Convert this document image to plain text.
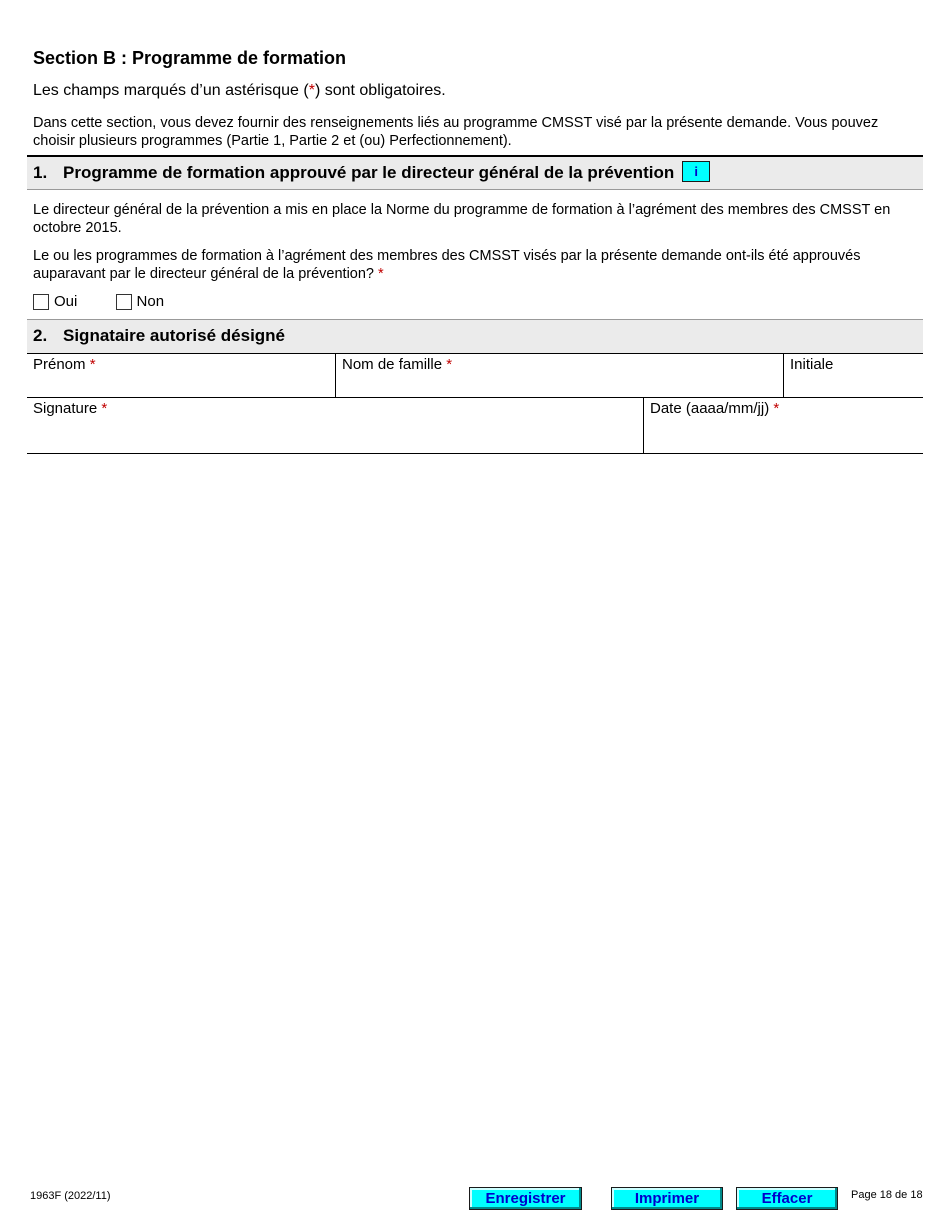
Section B : Programme de formation
Les champs marqués d’un astérisque (*) sont obligatoires.
Dans cette section, vous devez fournir des renseignements liés au programme CMSST visé par la présente demande. Vous pouvez choisir plusieurs programmes (Partie 1, Partie 2 et (ou) Perfectionnement).
1. Programme de formation approuvé par le directeur général de la prévention i
Le directeur général de la prévention a mis en place la Norme du programme de formation à l’agrément des membres des CMSST en octobre 2015.
Le ou les programmes de formation à l’agrément des membres des CMSST visés par la présente demande ont-ils été approuvés auparavant par le directeur général de la prévention? *
Oui
	Non
2. Signataire autorisé désigné
Prénom *	Nom de famille *	Initiale
Signature *	Date (aaaa/mm/jj) *
1963F (2022/11)	Enregistrer	Imprimer	Effacer	Page 18 de 18
